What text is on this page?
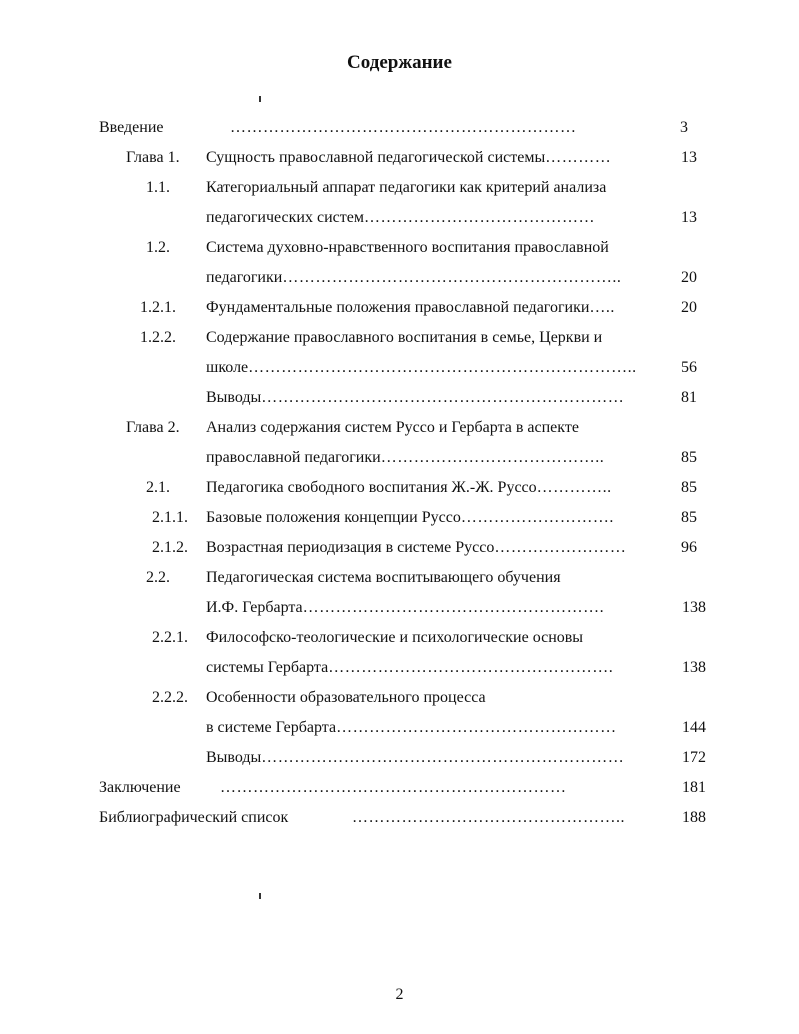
Содержание
Введение	………………………………………………………	3
Глава 1. Сущность православной педагогической системы…………	13
1.1. Категориальный аппарат педагогики как критерий анализа
педагогических систем……………………………………	13
1.2. Система духовно-нравственного воспитания православной
педагогики……………………………………………………..	20
1.2.1. Фундаментальные положения православной педагогики…..	20
1.2.2. Содержание православного воспитания в семье, Церкви и
школе……………………………………………………………..	56
Выводы…………………………………………………………	81
Глава 2. Анализ содержания систем Руссо и Гербарта в аспекте
православной педагогики…………………………………..	85
2.1. Педагогика свободного воспитания Ж.-Ж. Руссо…………..	85
2.1.1. Базовые положения концепции Руссо……………………….	85
2.1.2. Возрастная периодизация в системе Руссо……………………	96
2.2. Педагогическая система воспитывающего обучения
И.Ф. Гербарта……………………………………………….	138
2.2.1. Философско-теологические и психологические основы
системы Гербарта…………………………………………….	138
2.2.2. Особенности образовательного процесса
в системе Гербарта……………………………………………	144
Выводы…………………………………………………………	172
Заключение ………………………………………………………	181
Библиографический список	…………………………………………..	188
2
